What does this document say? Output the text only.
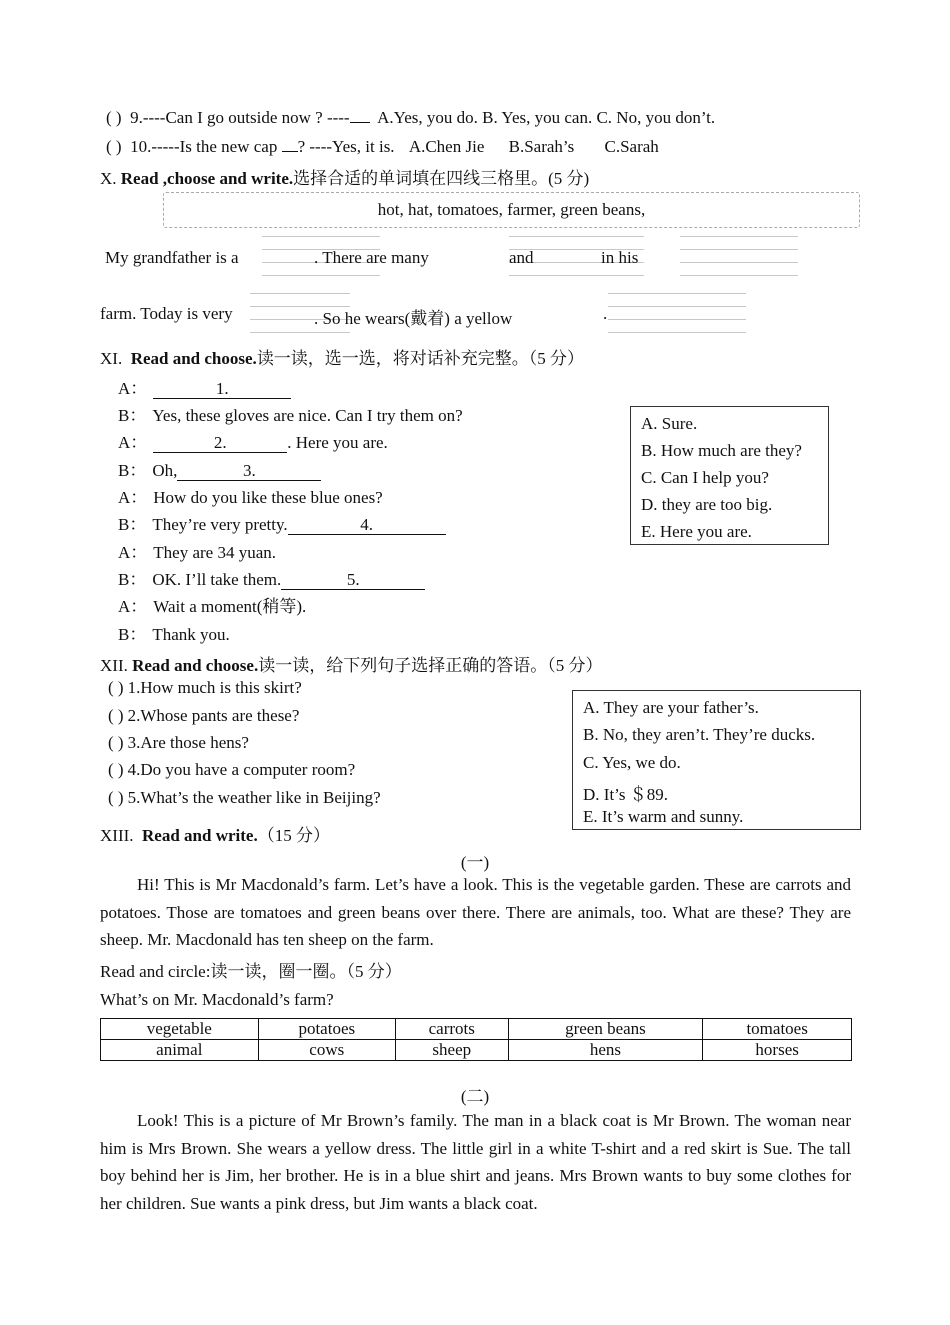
( ) 9.----Can I go outside now ? ---- A.Yes, you do. B. Yes, you can. C. No, you don’t.
( ) 10.-----Is the new cap ? ----Yes, it is. A.Chen Jie B.Sarah’s C.Sarah
X. Read ,choose and write.选择合适的单词填在四线三格里。(5 分)
hot, hat, tomatoes, farmer, green beans,
My grandfather is a	. There are many	and	in his
farm. Today is very	. So he wears(戴着) a yellow	.
XI. Read and choose.读一读，选一选，将对话补充完整。（5 分）
A：	1.
B： Yes, these gloves are nice. Can I try them on?
A：	2.	. Here you are.
B： Oh,	3.
A： How do you like these blue ones?
B： They’re very pretty.	4.
A： They are 34 yuan.
B： OK. I’ll take them.	5.
A： Wait a moment(稍等).
B： Thank you.
A. Sure.
B. How much are they?
C. Can I help you?
D. they are too big.
E. Here you are.
XII. Read and choose.读一读，给下列句子选择正确的答语。（5 分）
( ) 1.How much is this skirt?
( ) 2.Whose pants are these?
( ) 3.Are those hens?
( ) 4.Do you have a computer room?
( ) 5.What’s the weather like in Beijing?
A. They are your father’s.
B. No, they aren’t. They’re ducks.
C. Yes, we do.
D. It’s ＄89.
E. It’s warm and sunny.
XIII. Read and write.（15 分）
(一)
Hi! This is Mr Macdonald’s farm. Let’s have a look. This is the vegetable garden. These are carrots and potatoes. Those are tomatoes and green beans over there. There are animals, too. What are these? They are sheep. Mr. Macdonald has ten sheep on the farm.
Read and circle:读一读，圈一圈。（5 分）
What’s on Mr. Macdonald’s farm?
vegetable	potatoes	carrots	green beans	tomatoes
animal	cows	sheep	hens	horses
(二)
Look! This is a picture of Mr Brown’s family. The man in a black coat is Mr Brown. The woman near him is Mrs Brown. She wears a yellow dress. The little girl in a white T-shirt and a red skirt is Sue. The tall boy behind her is Jim, her brother. He is in a blue shirt and jeans. Mrs Brown wants to buy some clothes for her children. Sue wants a pink dress, but Jim wants a black coat.
